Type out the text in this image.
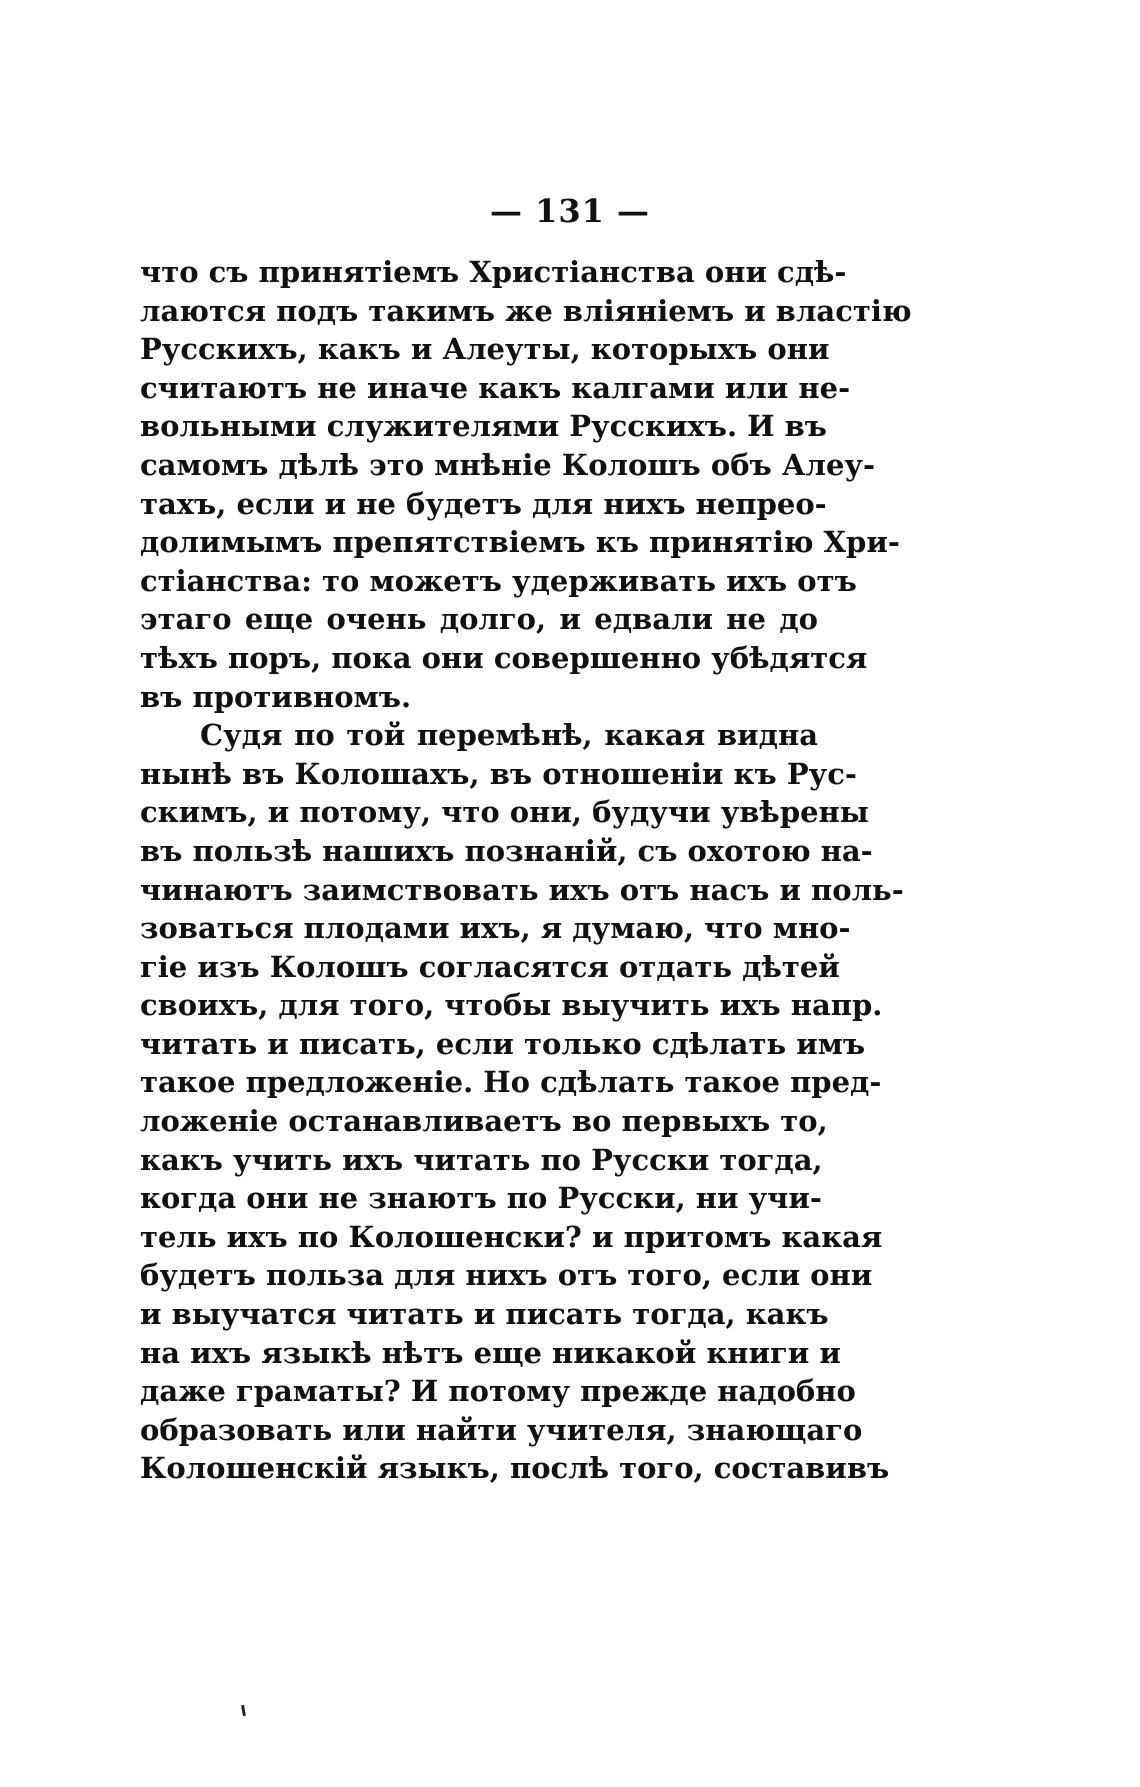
— 131 —
что съ принятіемъ Христіанства они сдѣ-
лаются подъ такимъ же вліяніемъ и властію
Русскихъ, какъ и Алеуты, которыхъ они
считаютъ не иначе какъ калгами или не-
вольными служителями Русскихъ. И въ
самомъ дѣлѣ это мнѣніе Колошъ объ Алеу-
тахъ, если и не будетъ для нихъ непрео-
долимымъ препятствіемъ къ принятію Хри-
стіанства: то можетъ удерживать ихъ отъ
этаго еще очень долго, и едвали не до
тѣхъ поръ, пока они совершенно убѣдятся
въ противномъ.
Судя по той перемѣнѣ, какая видна
нынѣ въ Колошахъ, въ отношеніи къ Рус-
скимъ, и потому, что они, будучи увѣрены
въ пользѣ нашихъ познаній, съ охотою на-
чинаютъ заимствовать ихъ отъ насъ и поль-
зоваться плодами ихъ, я думаю, что мно-
гіе изъ Колошъ согласятся отдать дѣтей
своихъ, для того, чтобы выучить ихъ напр.
читать и писать, если только сдѣлать имъ
такое предложеніе. Но сдѣлать такое пред-
ложеніе останавливаетъ во первыхъ то,
какъ учить ихъ читать по Русски тогда,
когда они не знаютъ по Русски, ни учи-
тель ихъ по Колошенски? и притомъ какая
будетъ польза для нихъ отъ того, если они
и выучатся читать и писать тогда, какъ
на ихъ языкѣ нѣтъ еще никакой книги и
даже граматы? И потому прежде надобно
образовать или найти учителя, знающаго
Колошенскій языкъ, послѣ того, составивъ
